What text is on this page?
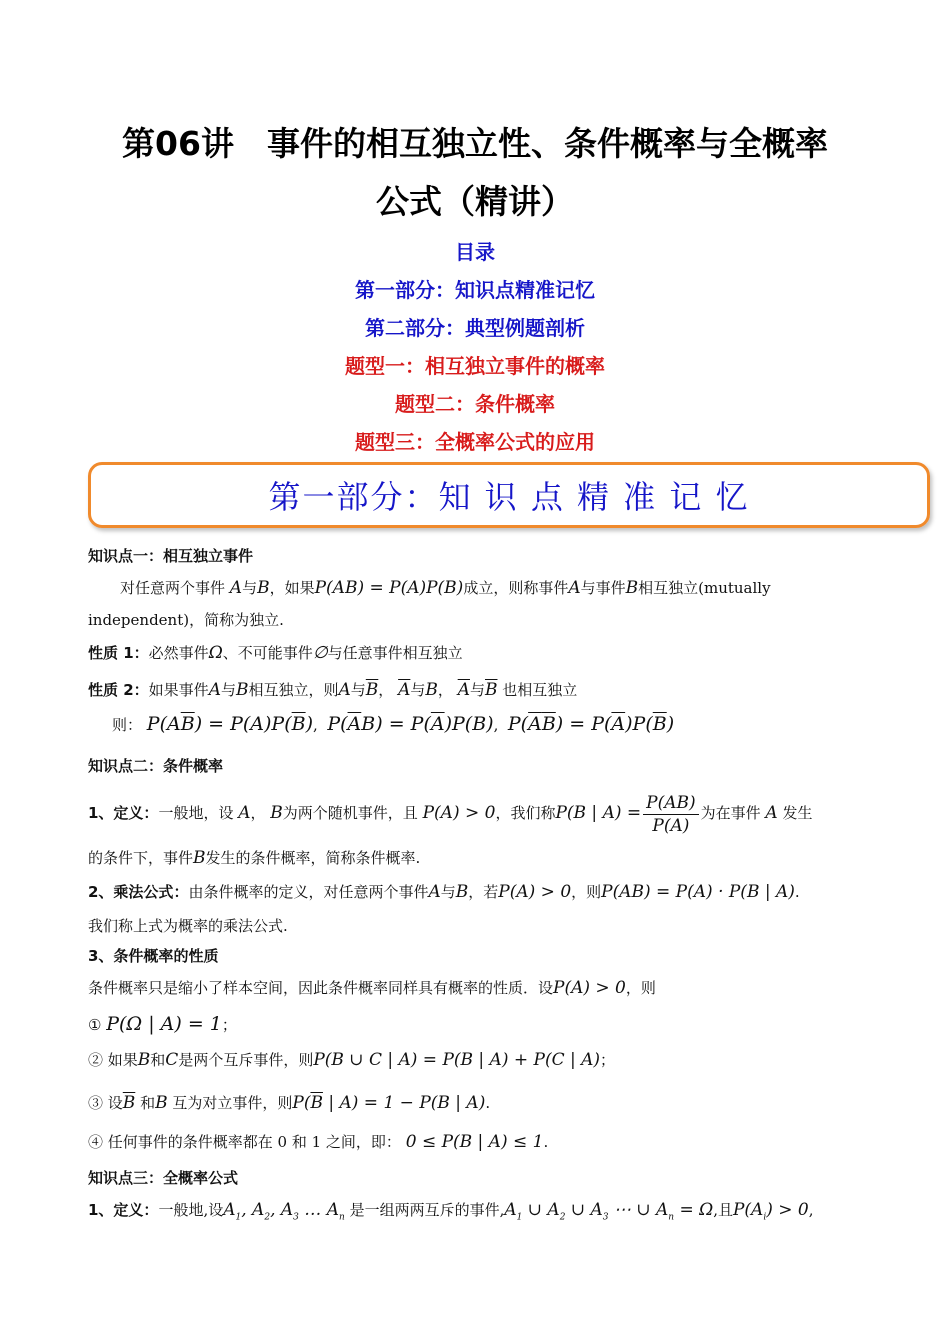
第06讲　事件的相互独立性、条件概率与全概率
公式（精讲）
目录
第一部分：知识点精准记忆
第二部分：典型例题剖析
题型一：相互独立事件的概率
题型二：条件概率
题型三：全概率公式的应用
第一部分：知 识 点 精 准 记 忆
知识点一：相互独立事件
对任意两个事件 A与B，如果P(AB) = P(A)P(B)成立，则称事件A与事件B相互独立(mutually
independent)，简称为独立.
性质 1：必然事件Ω、不可能事件∅与任意事件相互独立
性质 2：如果事件A与B相互独立，则A与$\overline{B}$， $\overline{A}$与B， $\overline{A}$与$\overline{B}$ 也相互独立
则： $P(A\overline{B}) = P(A)P(\overline{B})$,  $P(\overline{A}B) = P(\overline{A})P(B)$,  $P(\overline{A}\overline{B}) = P(\overline{A})P(\overline{B})$
知识点二：条件概率
1、定义：一般地，设 A， B为两个随机事件，且 P(A) > 0，我们称P(B | $A) = \frac{P(AB)}{P(A)}$ 为在事件 A 发生
的条件下，事件B发生的条件概率，简称条件概率.
2、乘法公式：由条件概率的定义，对任意两个事件A与B，若P(A) > 0，则P(AB) = P(A) · P(B | A).
我们称上式为概率的乘法公式.
3、条件概率的性质
条件概率只是缩小了样本空间，因此条件概率同样具有概率的性质．设P(A) > 0，则
① P(Ω | A) = 1；
② 如果B和C是两个互斥事件，则P(B ∪ C | A) = P(B | A) + P(C | A)；
③ 设$\overline{B}$ 和B 互为对立事件，则$P(\overline{B}$ | A) = 1 − P(B | A).
④ 任何事件的条件概率都在 0 和 1 之间，即： 0 ≤ P(B | A) ≤ 1.
知识点三：全概率公式
1、定义：一般地,设$A_1$, $A_2$, $A_3$ … $A_n$ 是一组两两互斥的事件$,A_1$ ∪ $A_2$ ∪ $A_3$ ⋯ ∪ $A_n = \Omega$,且$P(A_i) > 0$,
